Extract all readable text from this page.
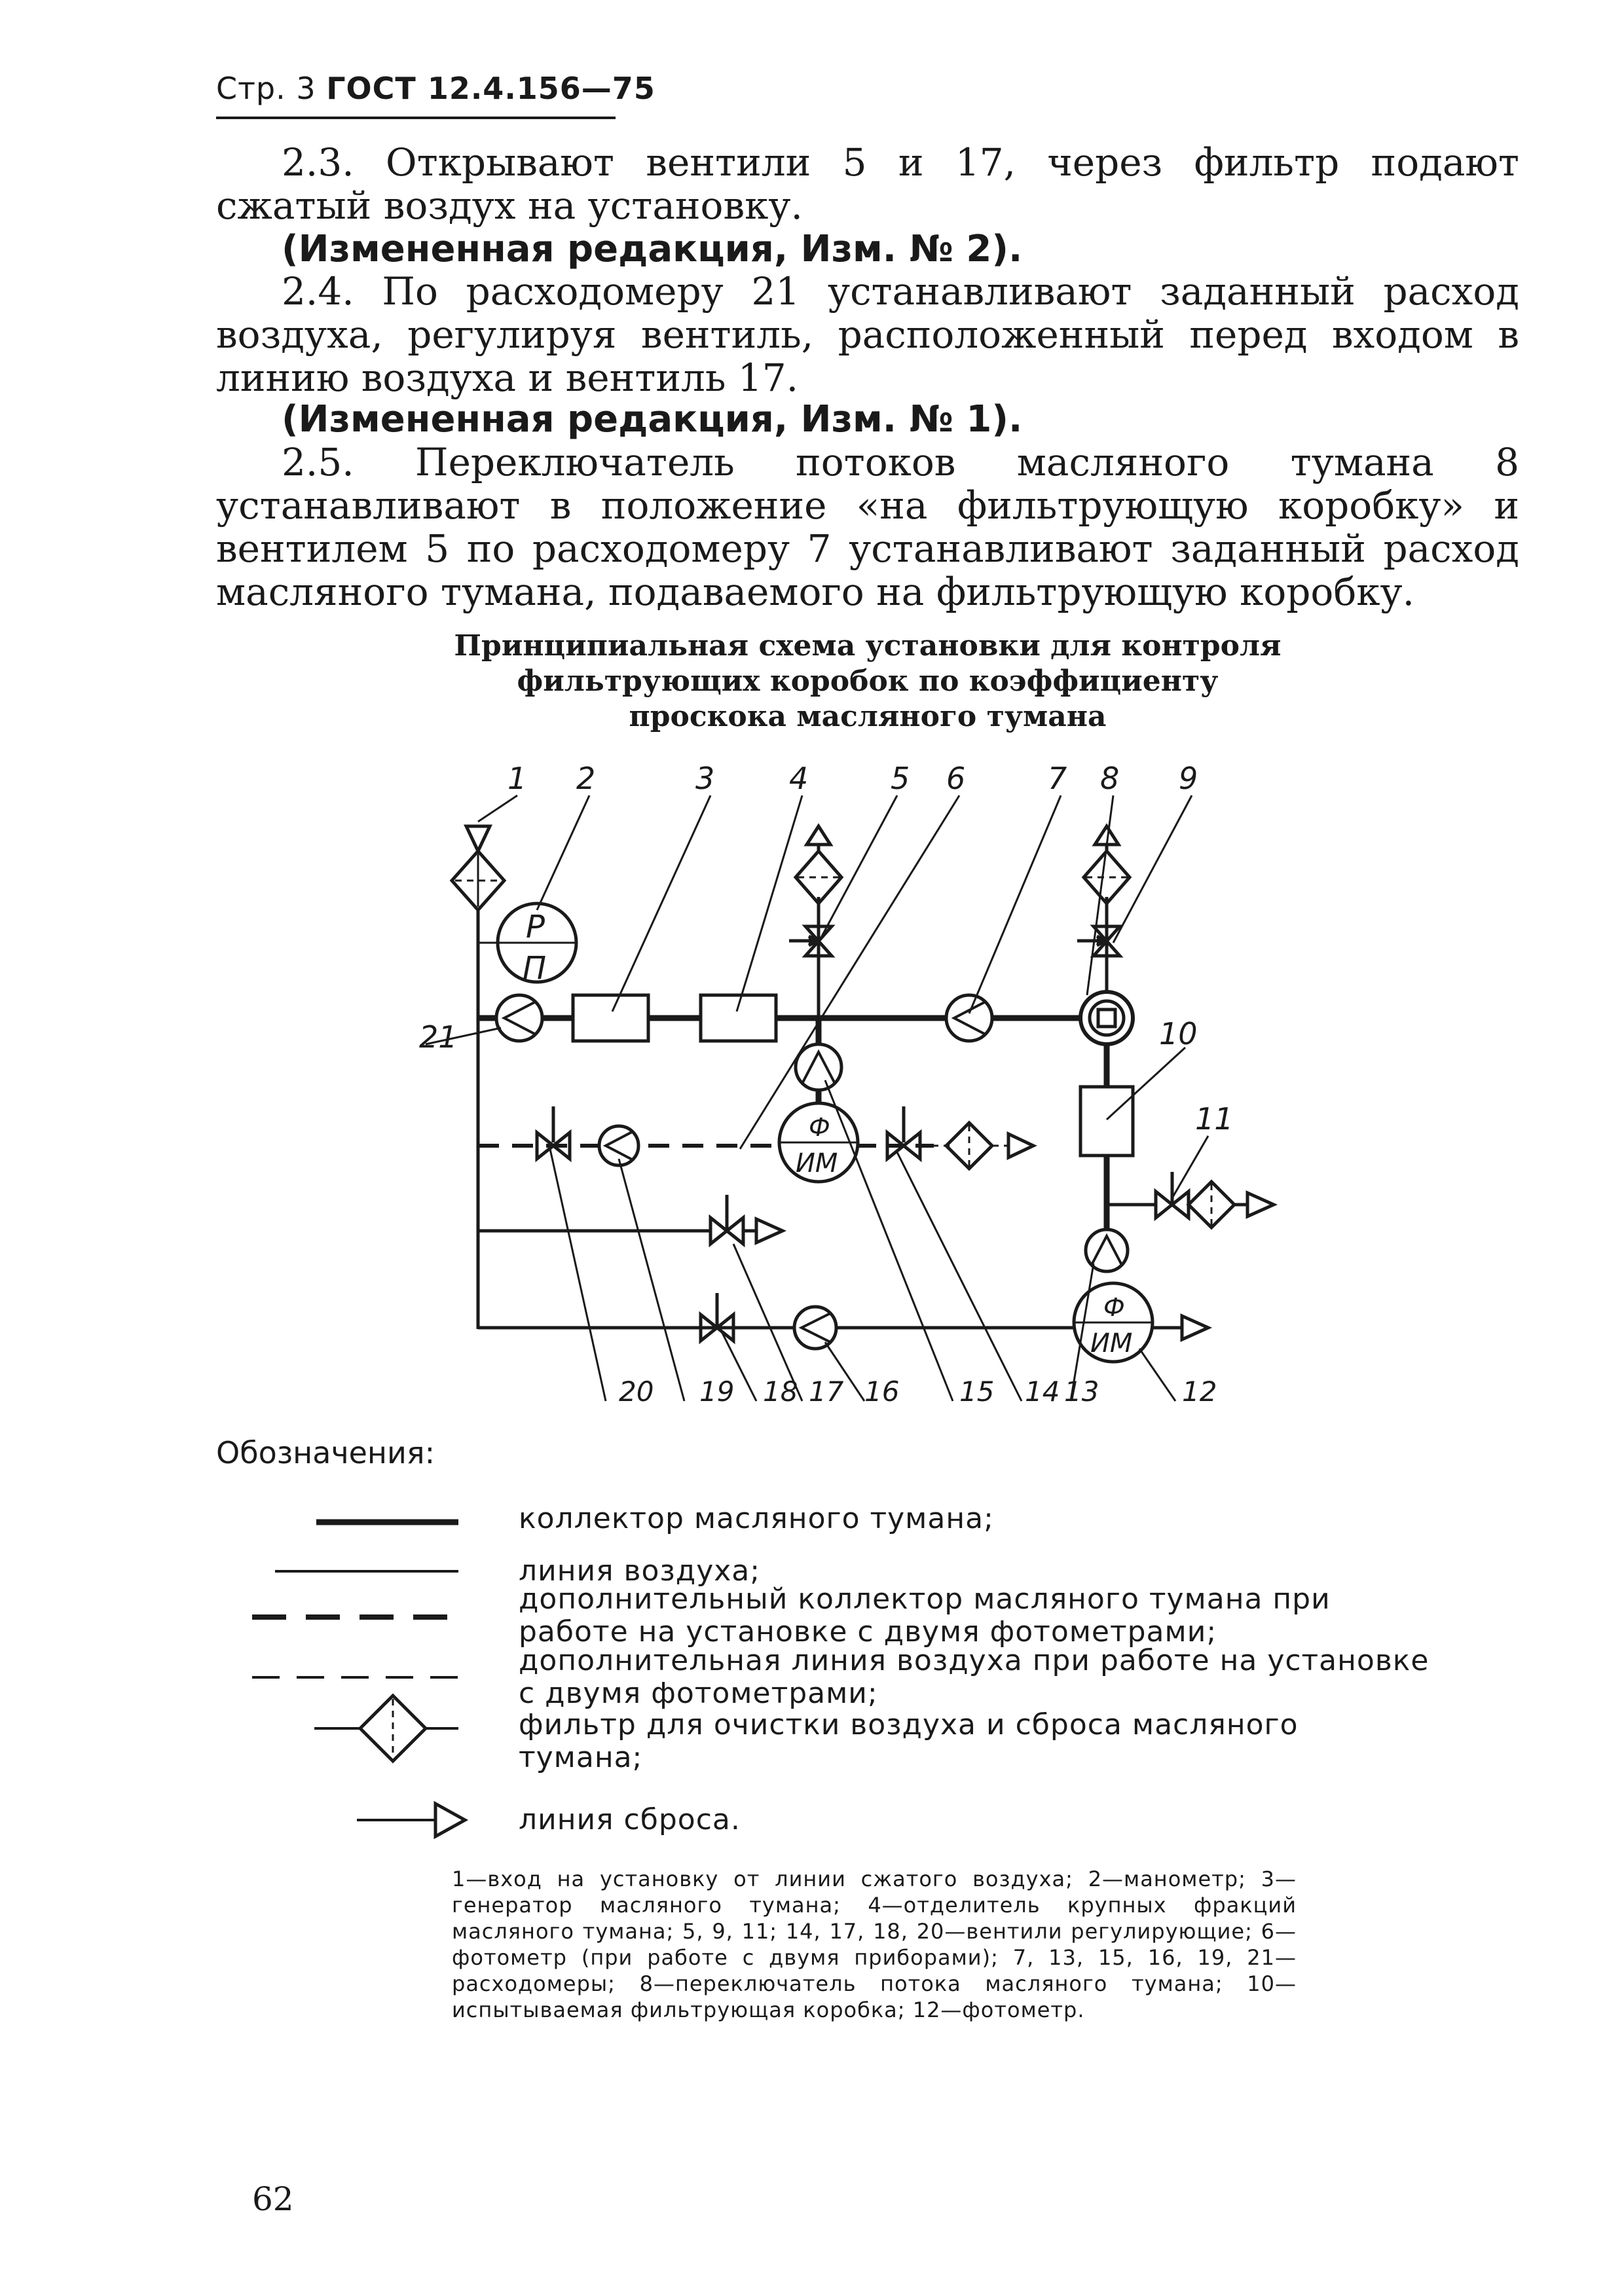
Стр. 3 ГОСТ 12.4.156—75
2.3. Открывают вентили 5 и 17, через фильтр подают сжатый воздух на установку.
(Измененная редакция, Изм. № 2).
2.4. По расходомеру 21 устанавливают заданный расход воздуха, регулируя вентиль, расположенный перед входом в линию воздуха и вентиль 17.
(Измененная редакция, Изм. № 1).
2.5. Переключатель потоков масляного тумана 8 устанавливают в положение «на фильтрующую коробку» и вентилем 5 по расходомеру 7 устанавливают заданный расход масляного тумана, подаваемого на фильтрующую коробку.
Принципиальная схема установки для контроля
фильтрующих коробок по коэффициенту
проскока масляного тумана
P
П
Ф
ИМ
Ф
ИМ
1 2	3 4	5 6	7 8 9
21	10
11
20 19 18 17 16 15 14 13	12
Обозначения:
коллектор масляного тумана;
линия воздуха;
дополнительный коллектор масляного тумана при работе на установке с двумя фотометрами;
дополнительная линия воздуха при работе на установке с двумя фотометрами;
фильтр для очистки воздуха и сброса масляного тумана;
линия сброса.
1—вход на установку от линии сжатого воздуха; 2—манометр; 3—генератор масляного тумана; 4—отделитель крупных фракций масляного тумана; 5, 9, 11; 14, 17, 18, 20—вентили регулирующие; 6—фотометр (при работе с двумя приборами); 7, 13, 15, 16, 19, 21—расходомеры; 8—переключатель потока масляного тумана; 10—испытываемая фильтрующая коробка; 12—фотометр.
62
